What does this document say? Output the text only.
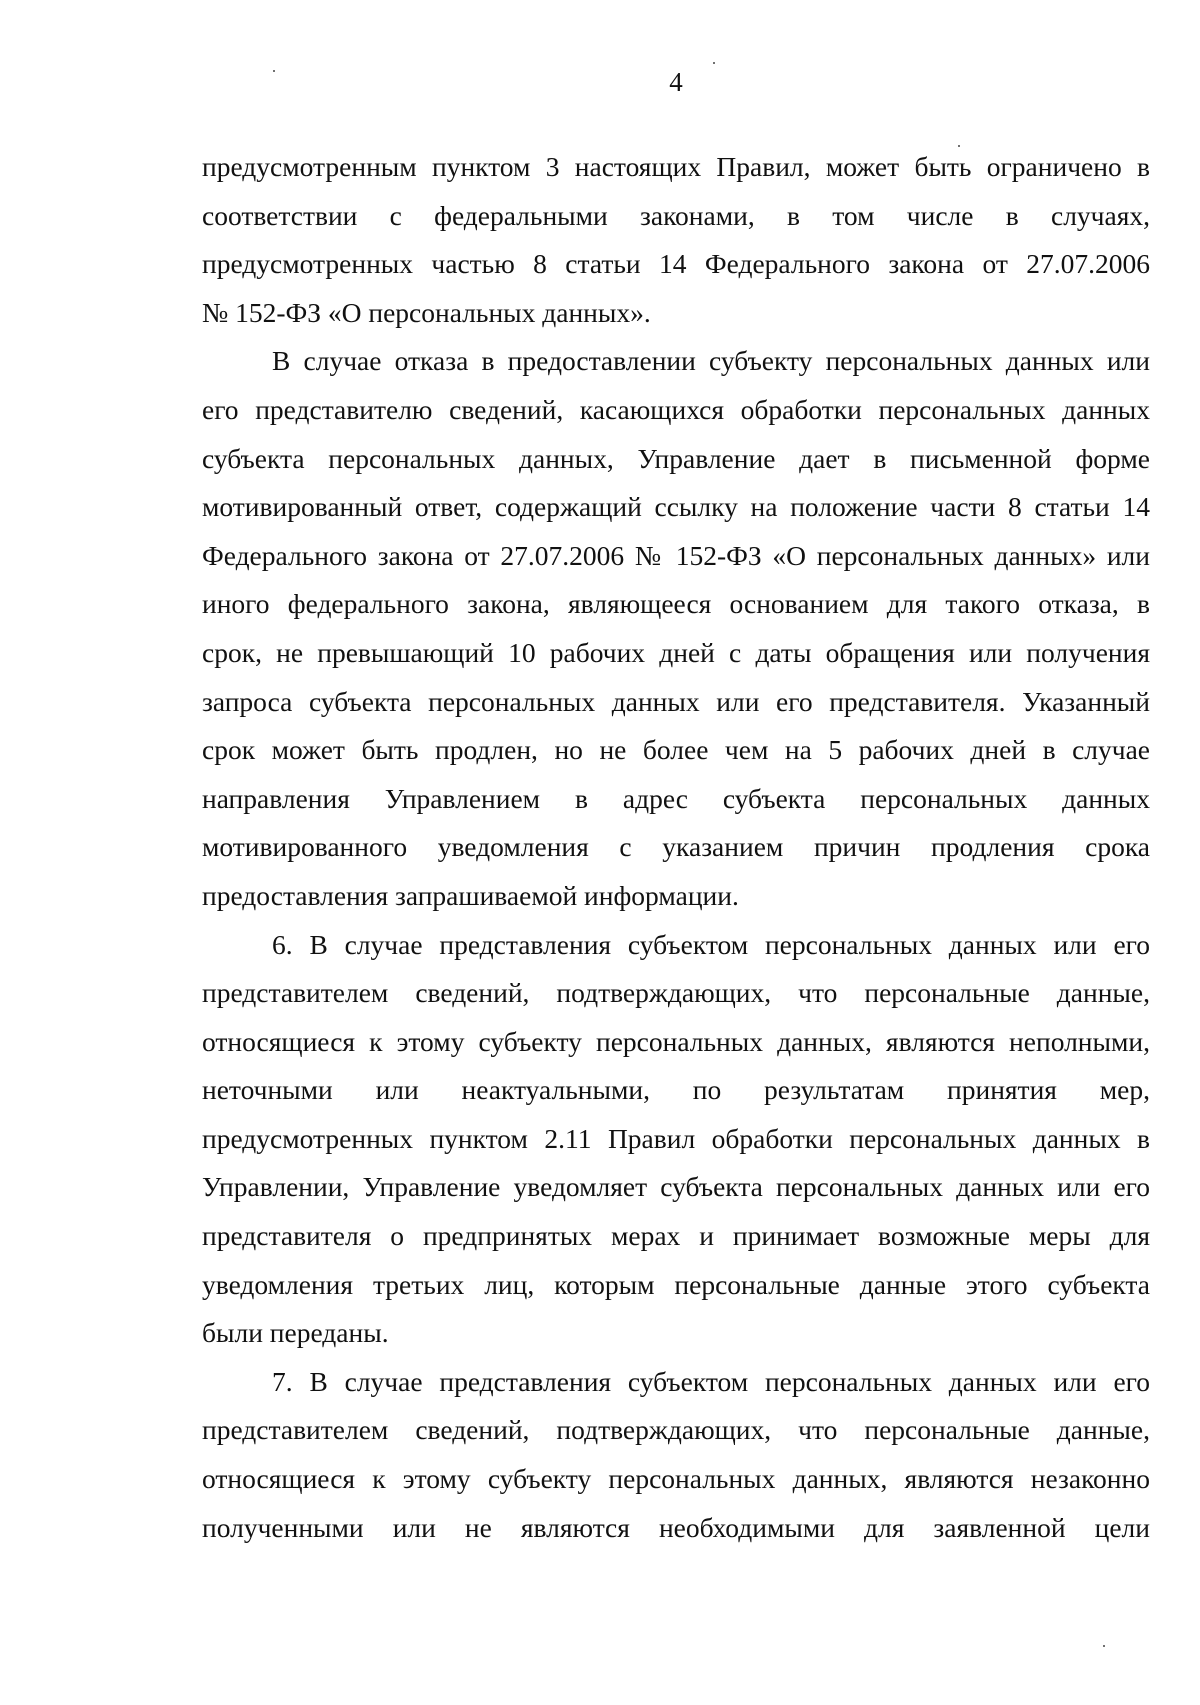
4

предусмотренным пунктом 3 настоящих Правил, может быть ограничено в
соответствии с федеральными законами, в том числе в случаях,
предусмотренных частью 8 статьи 14 Федерального закона от 27.07.2006
№ 152-ФЗ «О персональных данных».

В случае отказа в предоставлении субъекту персональных данных или
его представителю сведений, касающихся обработки персональных данных
субъекта персональных данных, Управление дает в письменной форме
мотивированный ответ, содержащий ссылку на положение части 8 статьи 14
Федерального закона от 27.07.2006 № 152-ФЗ «О персональных данных» или
иного федерального закона, являющееся основанием для такого отказа, в
срок, не превышающий 10 рабочих дней с даты обращения или получения
запроса субъекта персональных данных или его представителя. Указанный
срок может быть продлен, но не более чем на 5 рабочих дней в случае
направления Управлением в адрес субъекта персональных данных
мотивированного уведомления с указанием причин продления срока
предоставления запрашиваемой информации.

6. В случае представления субъектом персональных данных или его
представителем сведений, подтверждающих, что персональные данные,
относящиеся к этому субъекту персональных данных, являются неполными,
неточными или неактуальными, по результатам принятия мер,
предусмотренных пунктом 2.11 Правил обработки персональных данных в
Управлении, Управление уведомляет субъекта персональных данных или его
представителя о предпринятых мерах и принимает возможные меры для
уведомления третьих лиц, которым персональные данные этого субъекта
были переданы.

7. В случае представления субъектом персональных данных или его
представителем сведений, подтверждающих, что персональные данные,
относящиеся к этому субъекту персональных данных, являются незаконно
полученными или не являются необходимыми для заявленной цели
